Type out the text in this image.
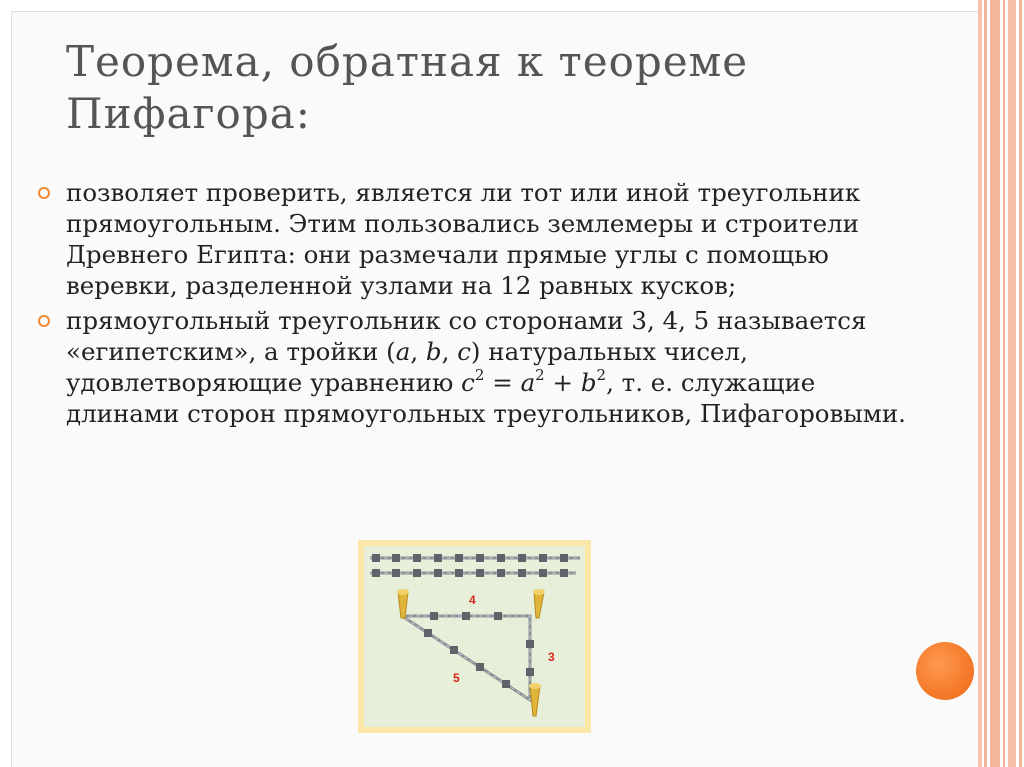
Теорема, обратная к теореме
Пифагора:
позволяет проверить, является ли тот или иной треугольник прямоугольным. Этим пользовались землемеры и строители Древнего Египта: они размечали прямые углы с помощью веревки, разделенной узлами на 12 равных кусков;
прямоугольный треугольник со сторонами 3, 4, 5 называется «египетским», а тройки (a, b, c) натуральных чисел, удовлетворяющие уравнению $c^2 = a^2 + b^2$, т. е. служащие длинами сторон прямоугольных треугольников, Пифагоровыми.
4
3
5
